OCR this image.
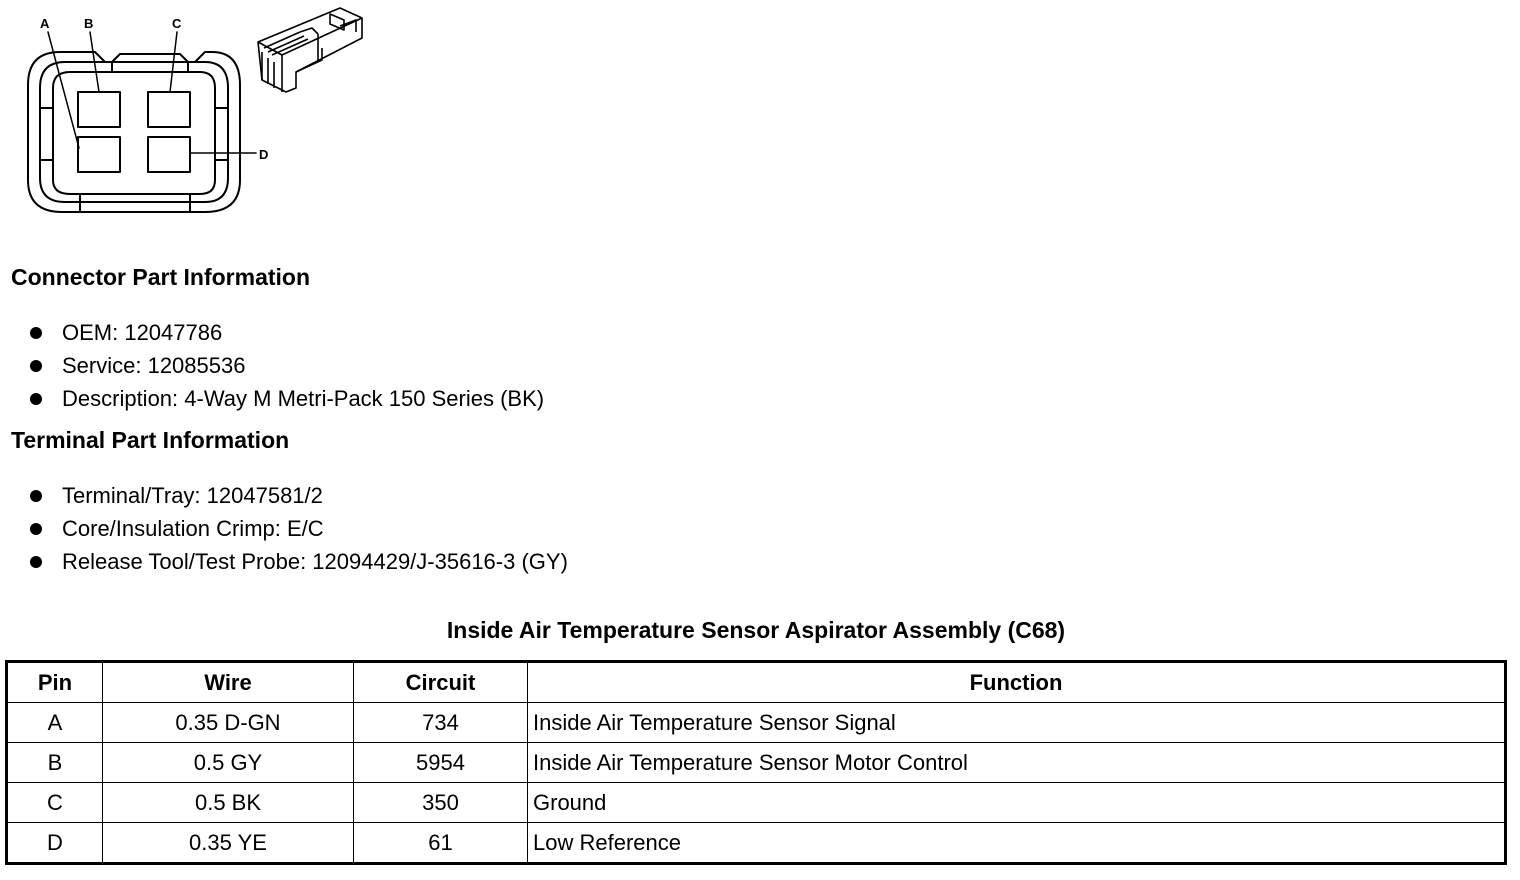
A	B	C
D
Connector Part Information
OEM: 12047786
Service: 12085536
Description: 4-Way M Metri-Pack 150 Series (BK)
Terminal Part Information
Terminal/Tray: 12047581/2
Core/Insulation Crimp: E/C
Release Tool/Test Probe: 12094429/J-35616-3 (GY)
Inside Air Temperature Sensor Aspirator Assembly (C68)
Pin	Wire	Circuit	Function
A	0.35 D-GN	734	Inside Air Temperature Sensor Signal
B	0.5 GY	5954	Inside Air Temperature Sensor Motor Control
C	0.5 BK	350	Ground
D	0.35 YE	61	Low Reference
